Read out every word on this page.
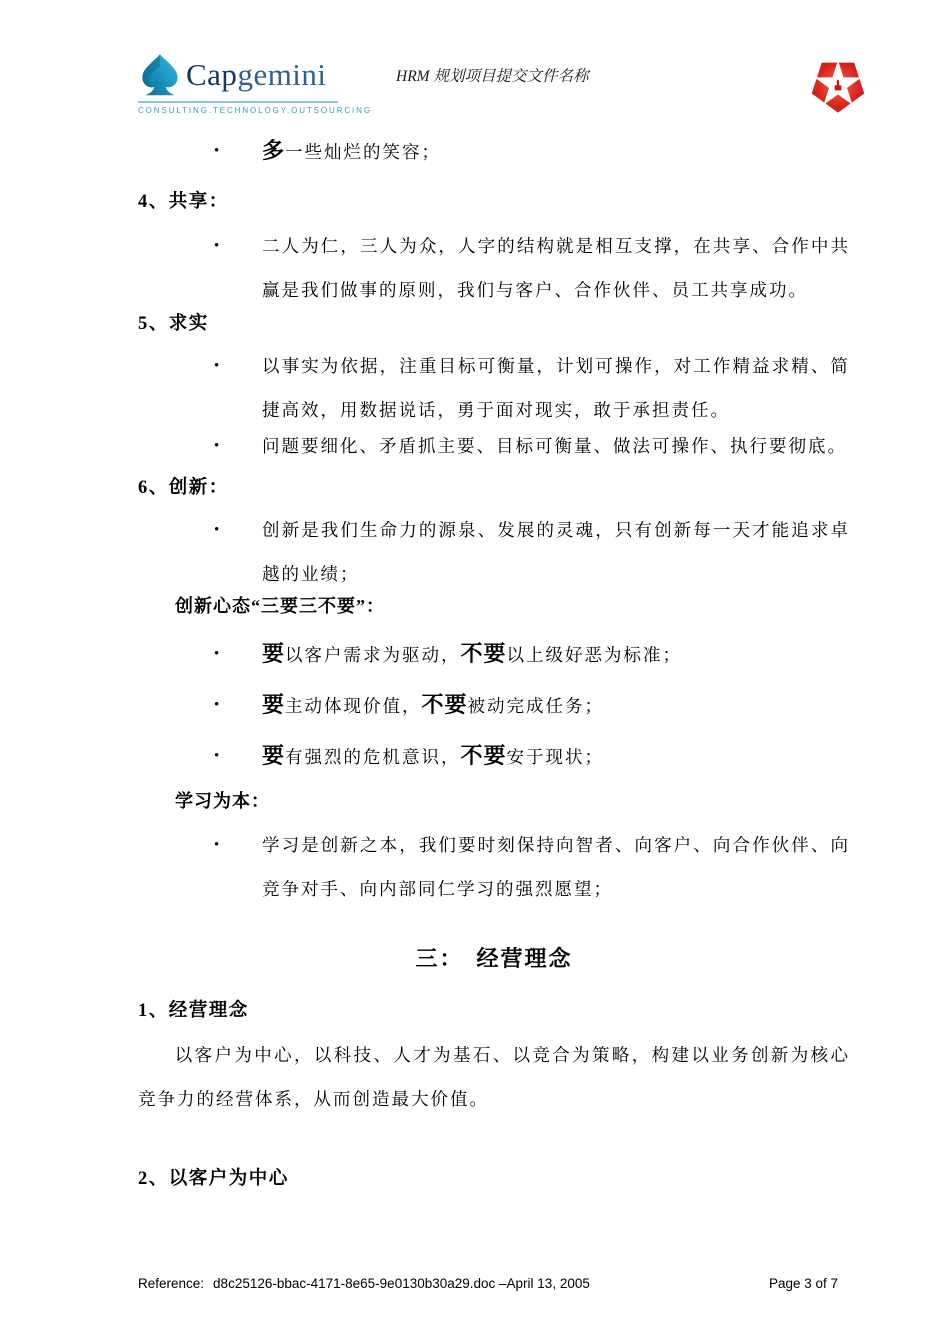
Capgemini
CONSULTING.TECHNOLOGY.OUTSOURCING
HRM 规划项目提交文件名称
• 多一些灿烂的笑容；
4、共享：
• 二人为仁，三人为众，人字的结构就是相互支撑，在共享、合作中共赢是我们做事的原则，我们与客户、合作伙伴、员工共享成功。
5、求实
• 以事实为依据，注重目标可衡量，计划可操作，对工作精益求精、简捷高效，用数据说话，勇于面对现实，敢于承担责任。
• 问题要细化、矛盾抓主要、目标可衡量、做法可操作、执行要彻底。
6、创新：
• 创新是我们生命力的源泉、发展的灵魂，只有创新每一天才能追求卓越的业绩；
创新心态“三要三不要”：
• 要以客户需求为驱动，不要以上级好恶为标准；
• 要主动体现价值，不要被动完成任务；
• 要有强烈的危机意识，不要安于现状；
学习为本：
• 学习是创新之本，我们要时刻保持向智者、向客户、向合作伙伴、向竞争对手、向内部同仁学习的强烈愿望；
三：　经营理念
1、经营理念
以客户为中心，以科技、人才为基石、以竞合为策略，构建以业务创新为核心竞争力的经营体系，从而创造最大价值。
2、以客户为中心
Reference: d8c25126-bbac-4171-8e65-9e0130b30a29.doc –April 13, 2005	Page 3 of 7
